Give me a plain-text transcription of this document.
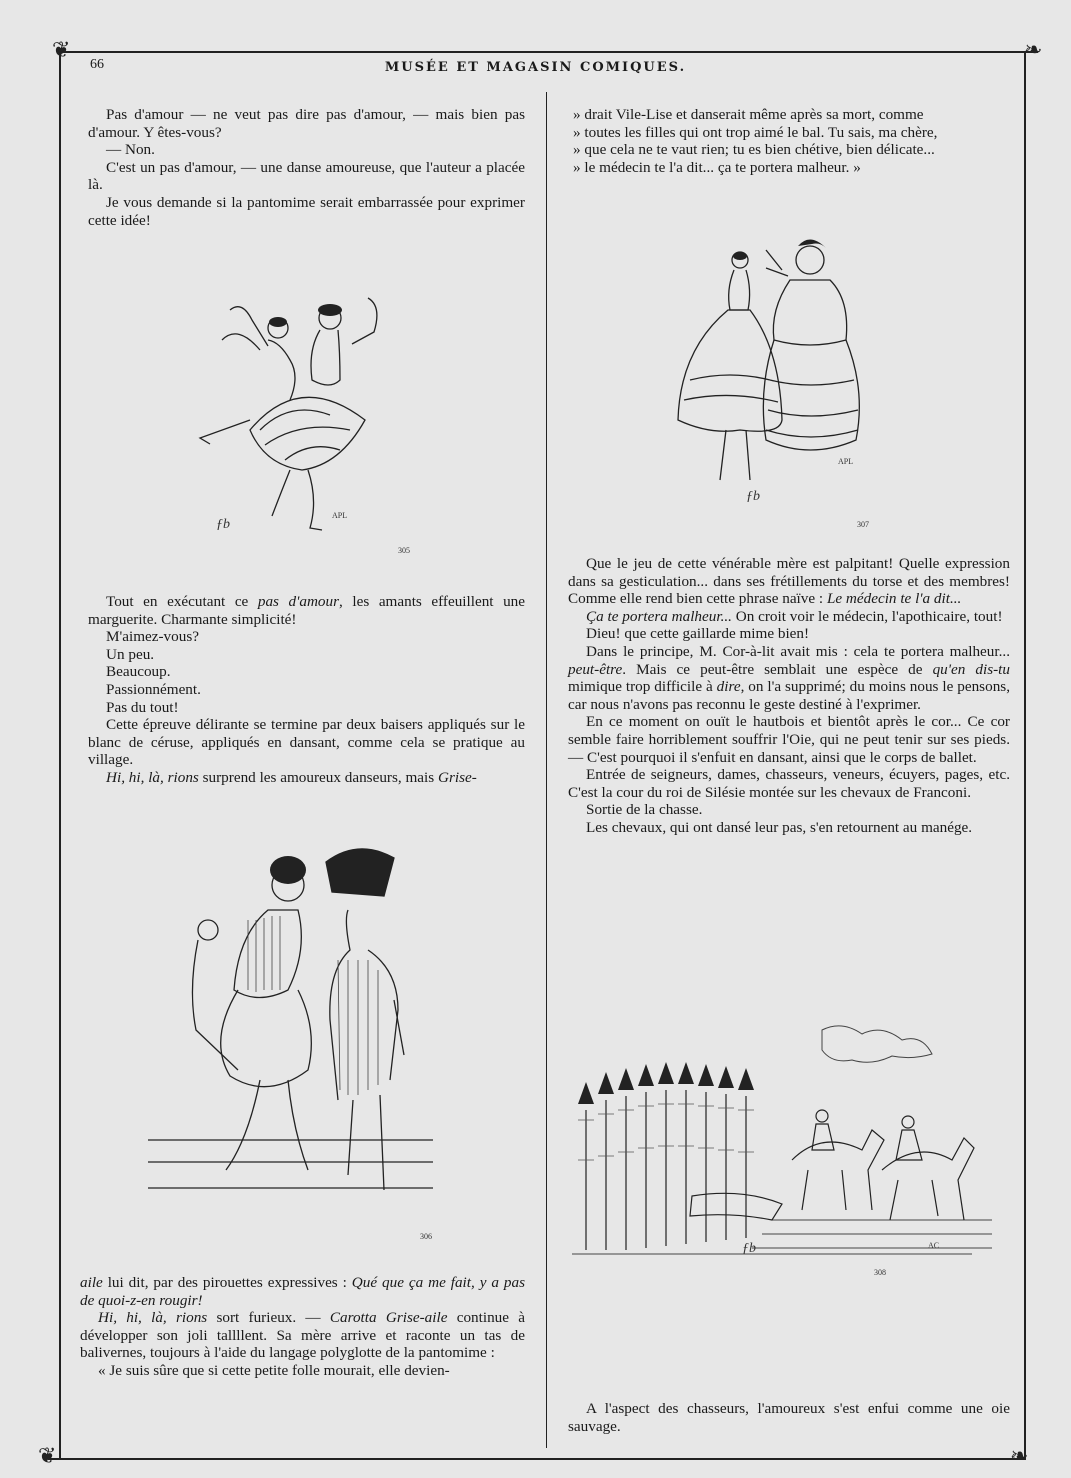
❦	❧
❦	❧
66	MUSÉE ET MAGASIN COMIQUES.

Pas d'amour — ne veut pas dire pas d'amour, — mais bien pas d'amour. Y êtes-vous?

— Non.

C'est un pas d'amour, — une danse amoureuse, que l'auteur a placée là.

Je vous demande si la pantomime serait embarrassée pour exprimer cette idée!

ƒb
APL
305

Tout en exécutant ce pas d'amour, les amants effeuillent une marguerite. Charmante simplicité!

M'aimez-vous?

Un peu.

Beaucoup.

Passionnément.

Pas du tout!

Cette épreuve délirante se termine par deux baisers appliqués sur le blanc de céruse, appliqués en dansant, comme cela se pratique au village.

Hi, hi, là, rions surprend les amoureux danseurs, mais Grise-

306

aile lui dit, par des pirouettes expressives : Qué que ça me fait, y a pas de quoi-z-en rougir!

Hi, hi, là, rions sort furieux. — Carotta Grise-aile continue à développer son joli tallllent. Sa mère arrive et raconte un tas de balivernes, toujours à l'aide du langage polyglotte de la pantomime :

« Je suis sûre que si cette petite folle mourait, elle devien-

» drait Vile-Lise et danserait même après sa mort, comme

» toutes les filles qui ont trop aimé le bal. Tu sais, ma chère,

» que cela ne te vaut rien; tu es bien chétive, bien délicate...

» le médecin te l'a dit... ça te portera malheur. »

ƒb
APL
307

Que le jeu de cette vénérable mère est palpitant! Quelle expression dans sa gesticulation... dans ses frétillements du torse et des membres! Comme elle rend bien cette phrase naïve : Le médecin te l'a dit...

Ça te portera malheur... On croit voir le médecin, l'apothicaire, tout!

Dieu! que cette gaillarde mime bien!

Dans le principe, M. Cor-à-lit avait mis : cela te portera malheur... peut-être. Mais ce peut-être semblait une espèce de qu'en dis-tu mimique trop difficile à dire, on l'a supprimé; du moins nous le pensons, car nous n'avons pas reconnu le geste destiné à l'exprimer.

En ce moment on ouït le hautbois et bientôt après le cor... Ce cor semble faire horriblement souffrir l'Oie, qui ne peut tenir sur ses pieds. — C'est pourquoi il s'enfuit en dansant, ainsi que le corps de ballet.

Entrée de seigneurs, dames, chasseurs, veneurs, écuyers, pages, etc. C'est la cour du roi de Silésie montée sur les chevaux de Franconi.

Sortie de la chasse.

Les chevaux, qui ont dansé leur pas, s'en retournent au manége.

ƒb	AC
308

A l'aspect des chasseurs, l'amoureux s'est enfui comme une oie sauvage.
